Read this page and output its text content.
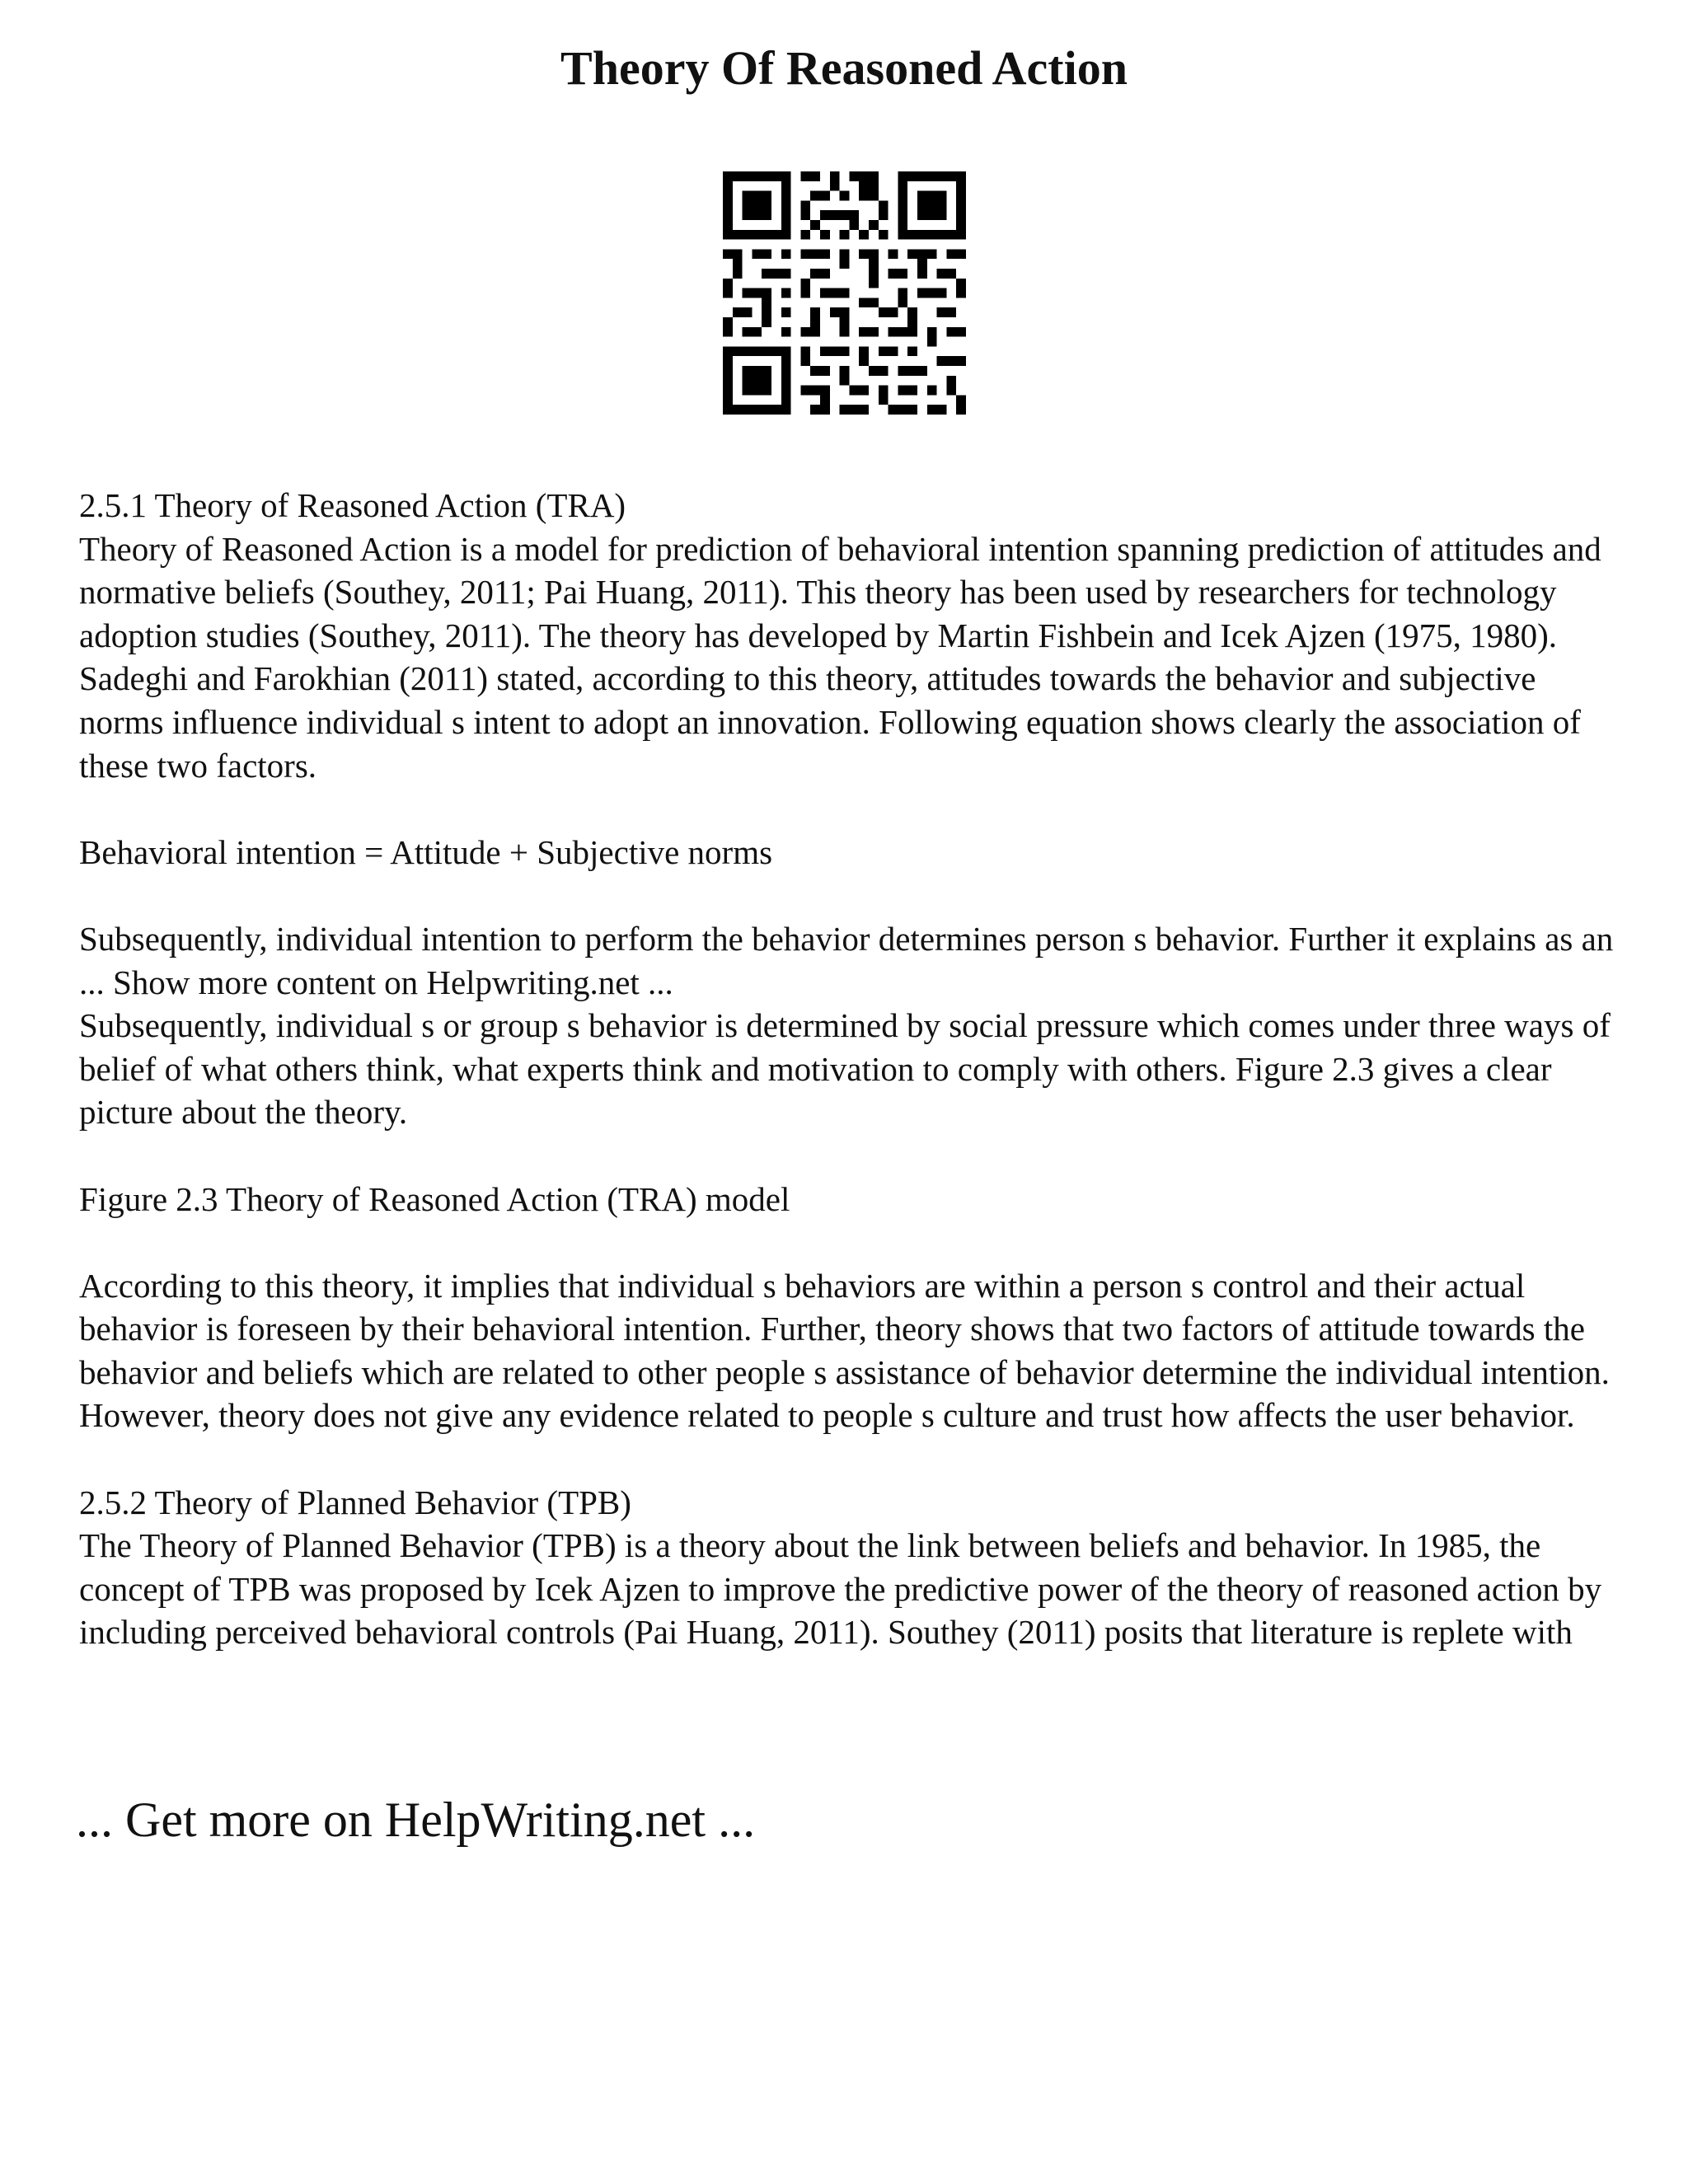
Theory Of Reasoned Action

2.5.1 Theory of Reasoned Action (TRA)

Theory of Reasoned Action is a model for prediction of behavioral intention spanning prediction of attitudes and normative beliefs (Southey, 2011; Pai Huang, 2011). This theory has been used by researchers for technology adoption studies (Southey, 2011). The theory has developed by Martin Fishbein and Icek Ajzen (1975, 1980). Sadeghi and Farokhian (2011) stated, according to this theory, attitudes towards the behavior and subjective norms influence individual s intent to adopt an innovation. Following equation shows clearly the association of these two factors.

Behavioral intention = Attitude + Subjective norms

Subsequently, individual intention to perform the behavior determines person s behavior. Further it explains as an ... Show more content on Helpwriting.net ...

Subsequently, individual s or group s behavior is determined by social pressure which comes under three ways of belief of what others think, what experts think and motivation to comply with others. Figure 2.3 gives a clear picture about the theory.

Figure 2.3 Theory of Reasoned Action (TRA) model

According to this theory, it implies that individual s behaviors are within a person s control and their actual behavior is foreseen by their behavioral intention. Further, theory shows that two factors of attitude towards the behavior and beliefs which are related to other people s assistance of behavior determine the individual intention. However, theory does not give any evidence related to people s culture and trust how affects the user behavior.

2.5.2 Theory of Planned Behavior (TPB)

The Theory of Planned Behavior (TPB) is a theory about the link between beliefs and behavior. In 1985, the concept of TPB was proposed by Icek Ajzen to improve the predictive power of the theory of reasoned action by including perceived behavioral controls (Pai Huang, 2011). Southey (2011) posits that literature is replete with

... Get more on HelpWriting.net ...
